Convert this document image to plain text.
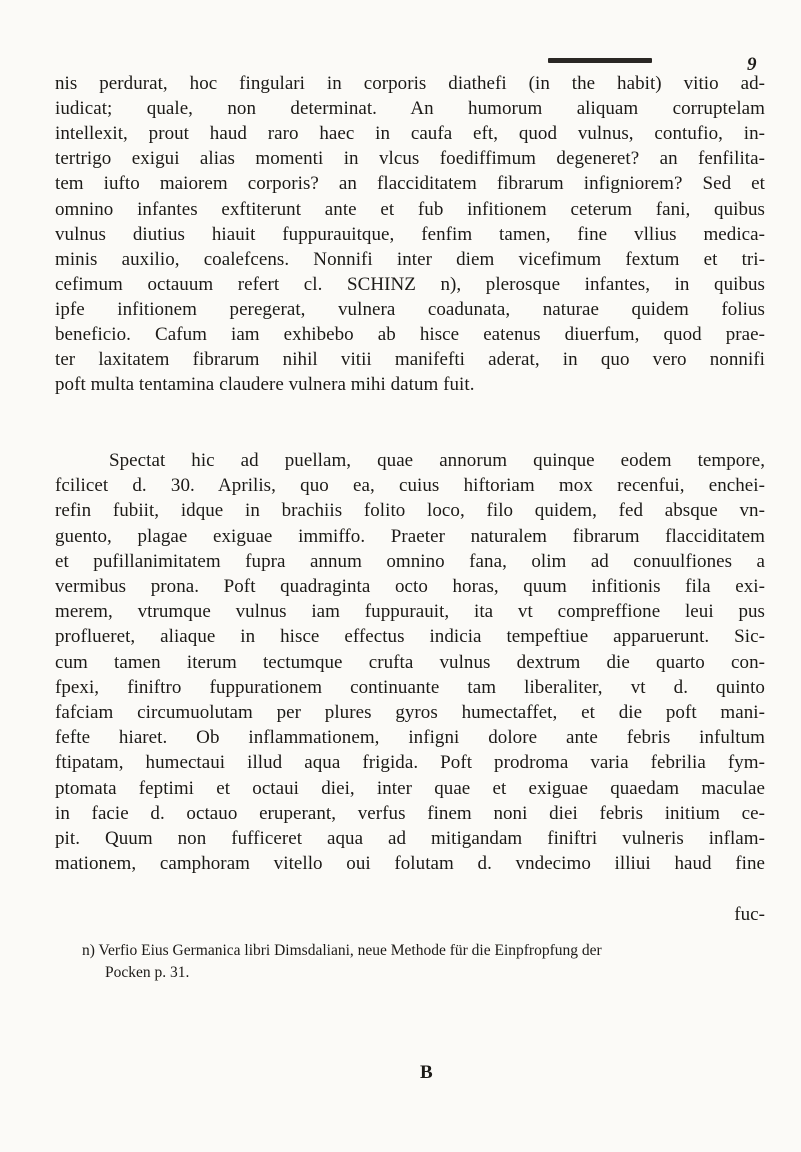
9
nis perdurat, hoc fingulari in corporis diathefi (in the habit) vitio ad-
iudicat; quale, non determinat. An humorum aliquam corruptelam
intellexit, prout haud raro haec in caufa eft, quod vulnus, contufio, in-
tertrigo exigui alias momenti in vlcus foediffimum degeneret? an fenfilita-
tem iufto maiorem corporis? an flacciditatem fibrarum infigniorem? Sed et
omnino infantes exftiterunt ante et fub infitionem ceterum fani, quibus
vulnus diutius hiauit fuppurauitque, fenfim tamen, fine vllius medica-
minis auxilio, coalefcens. Nonnifi inter diem vicefimum fextum et tri-
cefimum octauum refert cl. SCHINZ n), plerosque infantes, in quibus
ipfe infitionem peregerat, vulnera coadunata, naturae quidem folius
beneficio. Cafum iam exhibebo ab hisce eatenus diuerfum, quod prae-
ter laxitatem fibrarum nihil vitii manifefti aderat, in quo vero nonnifi
poft multa tentamina claudere vulnera mihi datum fuit.
Spectat hic ad puellam, quae annorum quinque eodem tempore,
fcilicet d. 30. Aprilis, quo ea, cuius hiftoriam mox recenfui, enchei-
refin fubiit, idque in brachiis folito loco, filo quidem, fed absque vn-
guento, plagae exiguae immiffo. Praeter naturalem fibrarum flacciditatem
et pufillanimitatem fupra annum omnino fana, olim ad conuulfiones a
vermibus prona. Poft quadraginta octo horas, quum infitionis fila exi-
merem, vtrumque vulnus iam fuppurauit, ita vt compreffione leui pus
proflueret, aliaque in hisce effectus indicia tempeftiue apparuerunt. Sic-
cum tamen iterum tectumque crufta vulnus dextrum die quarto con-
fpexi, finiftro fuppurationem continuante tam liberaliter, vt d. quinto
fafciam circumuolutam per plures gyros humectaffet, et die poft mani-
fefte hiaret. Ob inflammationem, infigni dolore ante febris infultum
ftipatam, humectaui illud aqua frigida. Poft prodroma varia febrilia fym-
ptomata feptimi et octaui diei, inter quae et exiguae quaedam maculae
in facie d. octauo eruperant, verfus finem noni diei febris initium ce-
pit. Quum non fufficeret aqua ad mitigandam finiftri vulneris inflam-
mationem, camphoram vitello oui folutam d. vndecimo illiui haud fine
fuc-
n) Verfio Eius Germanica libri Dimsdaliani, neue Methode für die Einpfropfung der
Pocken p. 31.
B
